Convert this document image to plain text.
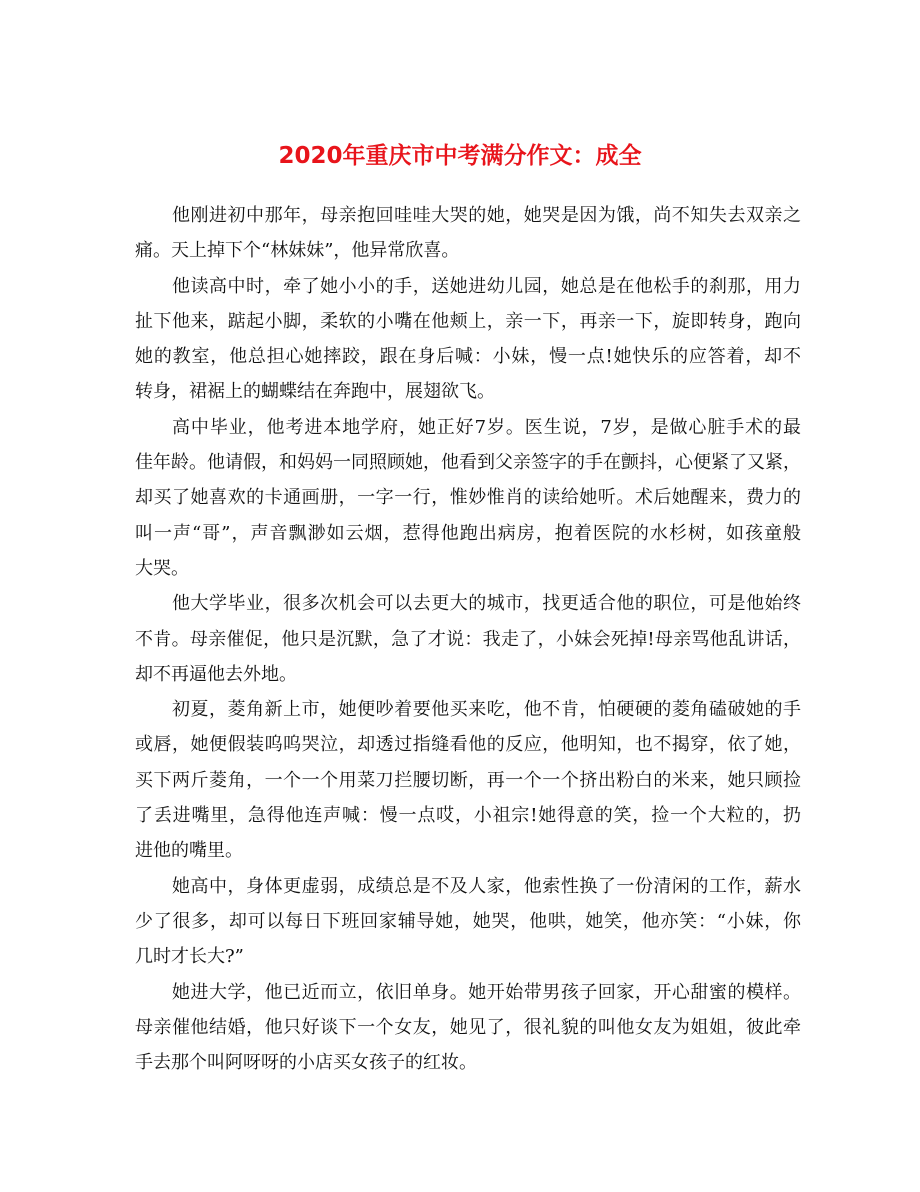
2020年重庆市中考满分作文：成全
他刚进初中那年，母亲抱回哇哇大哭的她，她哭是因为饿，尚不知失去双亲之
痛。天上掉下个“林妹妹”，他异常欣喜。
他读高中时，牵了她小小的手，送她进幼儿园，她总是在他松手的刹那，用力
扯下他来，踮起小脚，柔软的小嘴在他颊上，亲一下，再亲一下，旋即转身，跑向
她的教室，他总担心她摔跤，跟在身后喊：小妹，慢一点!她快乐的应答着，却不
转身，裙裾上的蝴蝶结在奔跑中，展翅欲飞。
高中毕业，他考进本地学府，她正好7岁。医生说，7岁，是做心脏手术的最
佳年龄。他请假，和妈妈一同照顾她，他看到父亲签字的手在颤抖，心便紧了又紧，
却买了她喜欢的卡通画册，一字一行，惟妙惟肖的读给她听。术后她醒来，费力的
叫一声“哥”，声音飘渺如云烟，惹得他跑出病房，抱着医院的水杉树，如孩童般
大哭。
他大学毕业，很多次机会可以去更大的城市，找更适合他的职位，可是他始终
不肯。母亲催促，他只是沉默，急了才说：我走了，小妹会死掉!母亲骂他乱讲话，
却不再逼他去外地。
初夏，菱角新上市，她便吵着要他买来吃，他不肯，怕硬硬的菱角磕破她的手
或唇，她便假装呜呜哭泣，却透过指缝看他的反应，他明知，也不揭穿，依了她，
买下两斤菱角，一个一个用菜刀拦腰切断，再一个一个挤出粉白的米来，她只顾捡
了丢进嘴里，急得他连声喊：慢一点哎，小祖宗!她得意的笑，捡一个大粒的，扔
进他的嘴里。
她高中，身体更虚弱，成绩总是不及人家，他索性换了一份清闲的工作，薪水
少了很多，却可以每日下班回家辅导她，她哭，他哄，她笑，他亦笑：“小妹，你
几时才长大?”
她进大学，他已近而立，依旧单身。她开始带男孩子回家，开心甜蜜的模样。
母亲催他结婚，他只好谈下一个女友，她见了，很礼貌的叫他女友为姐姐，彼此牵
手去那个叫阿呀呀的小店买女孩子的红妆。
